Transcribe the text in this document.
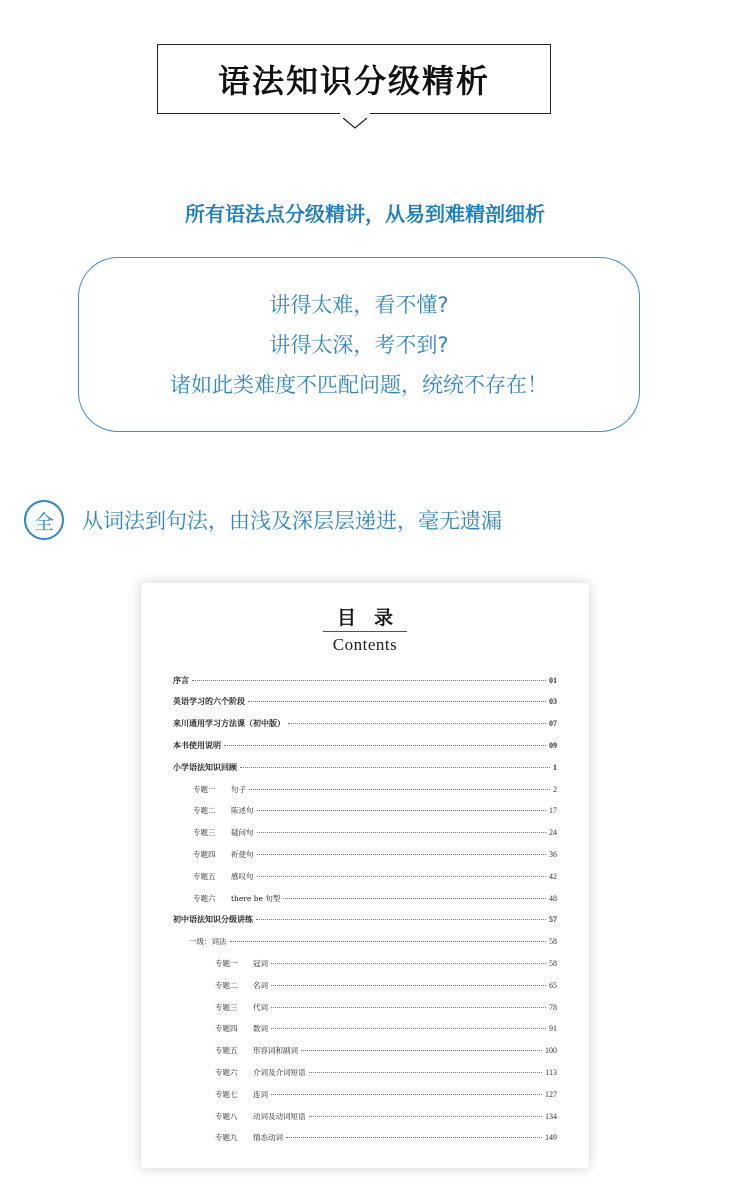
语法知识分级精析
所有语法点分级精讲，从易到难精剖细析
讲得太难，看不懂?
讲得太深，考不到?
诸如此类难度不匹配问题，统统不存在！
全	从词法到句法，由浅及深层层递进，毫无遗漏
目录
Contents
序言	01
英语学习的六个阶段	03
来川通用学习方法课（初中版）	07
本书使用说明	09
小学语法知识回顾	1
专题一 句子	2
专题二 陈述句	17
专题三 疑问句	24
专题四 祈使句	36
专题五 感叹句	42
专题六 there be 句型	48
初中语法知识分级讲练	57
一级：词法	58
专题一 冠词	58
专题二 名词	65
专题三 代词	78
专题四 数词	91
专题五 形容词和副词	100
专题六 介词及介词短语	113
专题七 连词	127
专题八 动词及动词短语	134
专题九 情态动词	149
